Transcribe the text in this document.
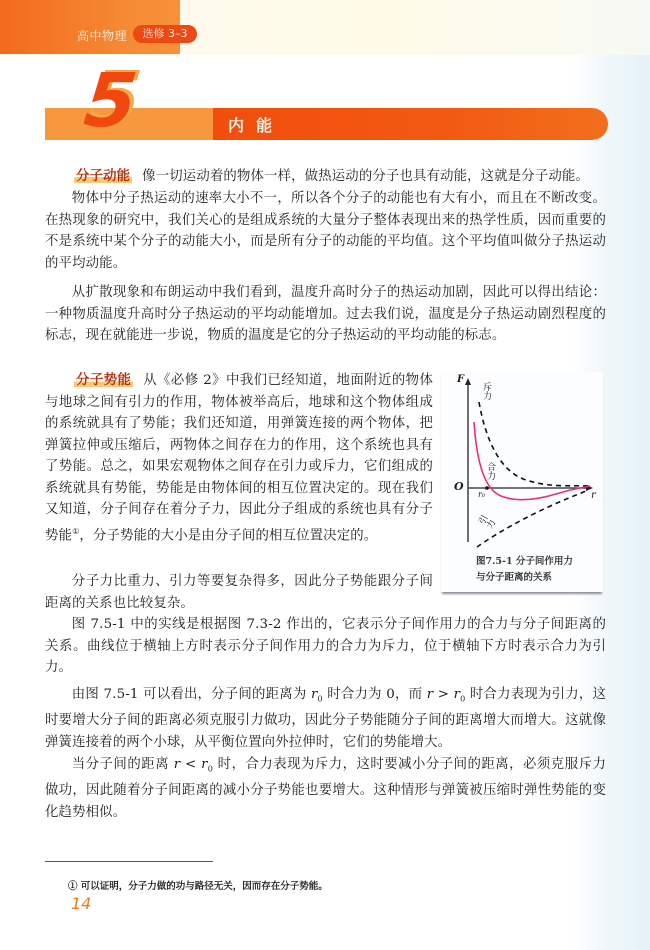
高中物理	选修 3–3
5	内能
分子动能 像一切运动着的物体一样，做热运动的分子也具有动能，这就是分子动能。
物体中分子热运动的速率大小不一，所以各个分子的动能也有大有小，而且在不断改变。在热现象的研究中，我们关心的是组成系统的大量分子整体表现出来的热学性质，因而重要的不是系统中某个分子的动能大小，而是所有分子的动能的平均值。这个平均值叫做分子热运动的平均动能。
从扩散现象和布朗运动中我们看到，温度升高时分子的热运动加剧，因此可以得出结论：一种物质温度升高时分子热运动的平均动能增加。过去我们说，温度是分子热运动剧烈程度的标志，现在就能进一步说，物质的温度是它的分子热运动的平均动能的标志。
分子势能 从《必修 2》中我们已经知道，地面附近的物体与地球之间有引力的作用，物体被举高后，地球和这个物体组成的系统就具有了势能；我们还知道，用弹簧连接的两个物体，把弹簧拉伸或压缩后，两物体之间存在力的作用，这个系统也具有了势能。总之，如果宏观物体之间存在引力或斥力，它们组成的系统就具有势能，势能是由物体间的相互位置决定的。现在我们又知道，分子间存在着分子力，因此分子组成的系统也具有分子势能①，分子势能的大小是由分子间的相互位置决定的。
分子力比重力、引力等要复杂得多，因此分子势能跟分子间距离的关系也比较复杂。
图 7.5-1 中的实线是根据图 7.3-2 作出的，它表示分子间作用力的合力与分子间距离的关系。曲线位于横轴上方时表示分子间作用力的合力为斥力，位于横轴下方时表示合力为引力。
由图 7.5-1 可以看出，分子间的距离为 $r_0$ 时合力为 0，而 $r > r_0$ 时合力表现为引力，这时要增大分子间的距离必须克服引力做功，因此分子势能随分子间的距离增大而增大。这就像弹簧连接着的两个小球，从平衡位置向外拉伸时，它们的势能增大。
当分子间的距离 $r < r_0$ 时，合力表现为斥力，这时要减小分子间的距离，必须克服斥力做功，因此随着分子间距离的减小分子势能也要增大。这种情形与弹簧被压缩时弹性势能的变化趋势相似。
F
r
O
r₀
斥力
合力
引力
图7.5-1 分子间作用力
与分子距离的关系
① 可以证明，分子力做的功与路径无关，因而存在分子势能。
14
